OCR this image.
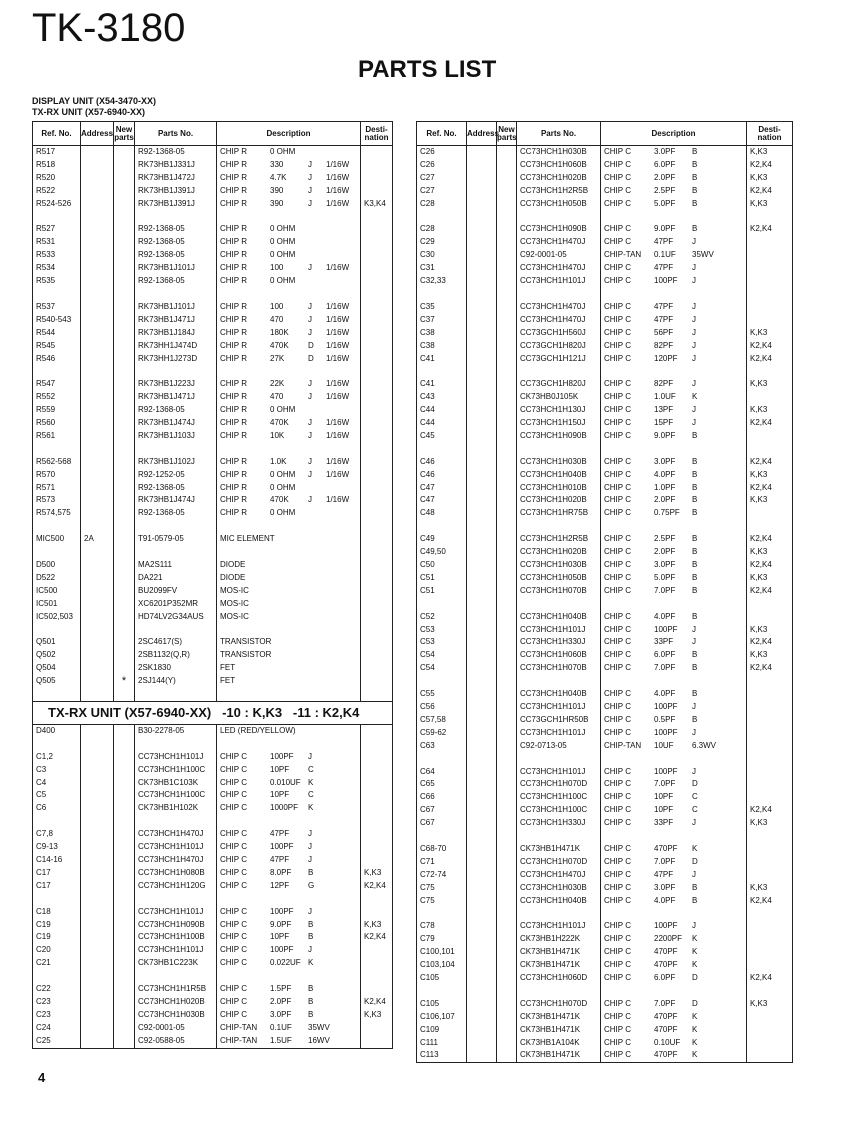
TK-3180
PARTS LIST
DISPLAY UNIT (X54-3470-XX)
TX-RX UNIT (X57-6940-XX)
Ref. No.	Address	New parts	Parts No.	Description	Desti- nation
R517			R92-1368-05	CHIP R 0 OHM	
R518			RK73HB1J331J	CHIP R 330 J 1/16W	
R520			RK73HB1J472J	CHIP R 4.7K J 1/16W	
R522			RK73HB1J391J	CHIP R 390 J 1/16W	
R524-526			RK73HB1J391J	CHIP R 390 J 1/16W	K3,K4

R527			R92-1368-05	CHIP R 0 OHM	
R531			R92-1368-05	CHIP R 0 OHM	
R533			R92-1368-05	CHIP R 0 OHM	
R534			RK73HB1J101J	CHIP R 100 J 1/16W	
R535			R92-1368-05	CHIP R 0 OHM	

R537			RK73HB1J101J	CHIP R 100 J 1/16W	
R540-543			RK73HB1J471J	CHIP R 470 J 1/16W	
R544			RK73HB1J184J	CHIP R 180K J 1/16W	
R545			RK73HH1J474D	CHIP R 470K D 1/16W	
R546			RK73HH1J273D	CHIP R 27K D 1/16W	

R547			RK73HB1J223J	CHIP R 22K J 1/16W	
R552			RK73HB1J471J	CHIP R 470 J 1/16W	
R559			R92-1368-05	CHIP R 0 OHM	
R560			RK73HB1J474J	CHIP R 470K J 1/16W	
R561			RK73HB1J103J	CHIP R 10K J 1/16W	

R562-568			RK73HB1J102J	CHIP R 1.0K J 1/16W	
R570			R92-1252-05	CHIP R 0 OHM J 1/16W	
R571			R92-1368-05	CHIP R 0 OHM	
R573			RK73HB1J474J	CHIP R 470K J 1/16W	
R574,575			R92-1368-05	CHIP R 0 OHM	

MIC500	2A		T91-0579-05	MIC ELEMENT	

D500			MA2S111	DIODE	
D522			DA221	DIODE	
IC500			BU2099FV	MOS-IC	
IC501			XC6201P352MR	MOS-IC	
IC502,503			HD74LV2G34AUS	MOS-IC	

Q501			2SC4617(S)	TRANSISTOR	
Q502			2SB1132(Q,R)	TRANSISTOR	
Q504			2SK1830	FET	
Q505		*	2SJ144(Y)	FET	

TX-RX UNIT (X57-6940-XX)   -10 : K,K3   -11 : K2,K4					
D400			B30-2278-05	LED (RED/YELLOW)	

C1,2			CC73HCH1H101J	CHIP C 100PF J	
C3			CC73HCH1H100C	CHIP C 10PF C	
C4			CK73HB1C103K	CHIP C 0.010UF K	
C5			CC73HCH1H100C	CHIP C 10PF C	
C6			CK73HB1H102K	CHIP C 1000PF K	

C7,8			CC73HCH1H470J	CHIP C 47PF J	
C9-13			CC73HCH1H101J	CHIP C 100PF J	
C14-16			CC73HCH1H470J	CHIP C 47PF J	
C17			CC73HCH1H080B	CHIP C 8.0PF B	K,K3
C17			CC73HCH1H120G	CHIP C 12PF G	K2,K4

C18			CC73HCH1H101J	CHIP C 100PF J	
C19			CC73HCH1H090B	CHIP C 9.0PF B	K,K3
C19			CC73HCH1H100B	CHIP C 10PF B	K2,K4
C20			CC73HCH1H101J	CHIP C 100PF J	
C21			CK73HB1C223K	CHIP C 0.022UF K	

C22			CC73HCH1H1R5B	CHIP C 1.5PF B	
C23			CC73HCH1H020B	CHIP C 2.0PF B	K2,K4
C23			CC73HCH1H030B	CHIP C 3.0PF B	K,K3
C24			C92-0001-05	CHIP-TAN 0.1UF 35WV	
C25			C92-0588-05	CHIP-TAN 1.5UF 16WV	
Ref. No.	Address	New parts	Parts No.	Description	Desti- nation
C26			CC73HCH1H030B	CHIP C 3.0PF B	K,K3
C26			CC73HCH1H060B	CHIP C 6.0PF B	K2,K4
C27			CC73HCH1H020B	CHIP C 2.0PF B	K,K3
C27			CC73HCH1H2R5B	CHIP C 2.5PF B	K2,K4
C28			CC73HCH1H050B	CHIP C 5.0PF B	K,K3

C28			CC73HCH1H090B	CHIP C 9.0PF B	K2,K4
C29			CC73HCH1H470J	CHIP C 47PF J	
C30			C92-0001-05	CHIP-TAN 0.1UF 35WV	
C31			CC73HCH1H470J	CHIP C 47PF J	
C32,33			CC73HCH1H101J	CHIP C 100PF J	

C35			CC73HCH1H470J	CHIP C 47PF J	
C37			CC73HCH1H470J	CHIP C 47PF J	
C38			CC73GCH1H560J	CHIP C 56PF J	K,K3
C38			CC73GCH1H820J	CHIP C 82PF J	K2,K4
C41			CC73GCH1H121J	CHIP C 120PF J	K2,K4

C41			CC73GCH1H820J	CHIP C 82PF J	K,K3
C43			CK73HB0J105K	CHIP C 1.0UF K	
C44			CC73HCH1H130J	CHIP C 13PF J	K,K3
C44			CC73HCH1H150J	CHIP C 15PF J	K2,K4
C45			CC73HCH1H090B	CHIP C 9.0PF B	

C46			CC73HCH1H030B	CHIP C 3.0PF B	K2,K4
C46			CC73HCH1H040B	CHIP C 4.0PF B	K,K3
C47			CC73HCH1H010B	CHIP C 1.0PF B	K2,K4
C47			CC73HCH1H020B	CHIP C 2.0PF B	K,K3
C48			CC73HCH1HR75B	CHIP C 0.75PF B	

C49			CC73HCH1H2R5B	CHIP C 2.5PF B	K2,K4
C49,50			CC73HCH1H020B	CHIP C 2.0PF B	K,K3
C50			CC73HCH1H030B	CHIP C 3.0PF B	K2,K4
C51			CC73HCH1H050B	CHIP C 5.0PF B	K,K3
C51			CC73HCH1H070B	CHIP C 7.0PF B	K2,K4

C52			CC73HCH1H040B	CHIP C 4.0PF B	
C53			CC73HCH1H101J	CHIP C 100PF J	K,K3
C53			CC73HCH1H330J	CHIP C 33PF J	K2,K4
C54			CC73HCH1H060B	CHIP C 6.0PF B	K,K3
C54			CC73HCH1H070B	CHIP C 7.0PF B	K2,K4

C55			CC73HCH1H040B	CHIP C 4.0PF B	
C56			CC73HCH1H101J	CHIP C 100PF J	
C57,58			CC73GCH1HR50B	CHIP C 0.5PF B	
C59-62			CC73HCH1H101J	CHIP C 100PF J	
C63			C92-0713-05	CHIP-TAN 10UF 6.3WV	

C64			CC73HCH1H101J	CHIP C 100PF J	
C65			CC73HCH1H070D	CHIP C 7.0PF D	
C66			CC73HCH1H100C	CHIP C 10PF C	
C67			CC73HCH1H100C	CHIP C 10PF C	K2,K4
C67			CC73HCH1H330J	CHIP C 33PF J	K,K3

C68-70			CK73HB1H471K	CHIP C 470PF K	
C71			CC73HCH1H070D	CHIP C 7.0PF D	
C72-74			CC73HCH1H470J	CHIP C 47PF J	
C75			CC73HCH1H030B	CHIP C 3.0PF B	K,K3
C75			CC73HCH1H040B	CHIP C 4.0PF B	K2,K4

C78			CC73HCH1H101J	CHIP C 100PF J	
C79			CK73HB1H222K	CHIP C 2200PF K	
C100,101			CK73HB1H471K	CHIP C 470PF K	
C103,104			CK73HB1H471K	CHIP C 470PF K	
C105			CC73HCH1H060D	CHIP C 6.0PF D	K2,K4

C105			CC73HCH1H070D	CHIP C 7.0PF D	K,K3
C106,107			CK73HB1H471K	CHIP C 470PF K	
C109			CK73HB1H471K	CHIP C 470PF K	
C111			CK73HB1A104K	CHIP C 0.10UF K	
C113			CK73HB1H471K	CHIP C 470PF K	
4
